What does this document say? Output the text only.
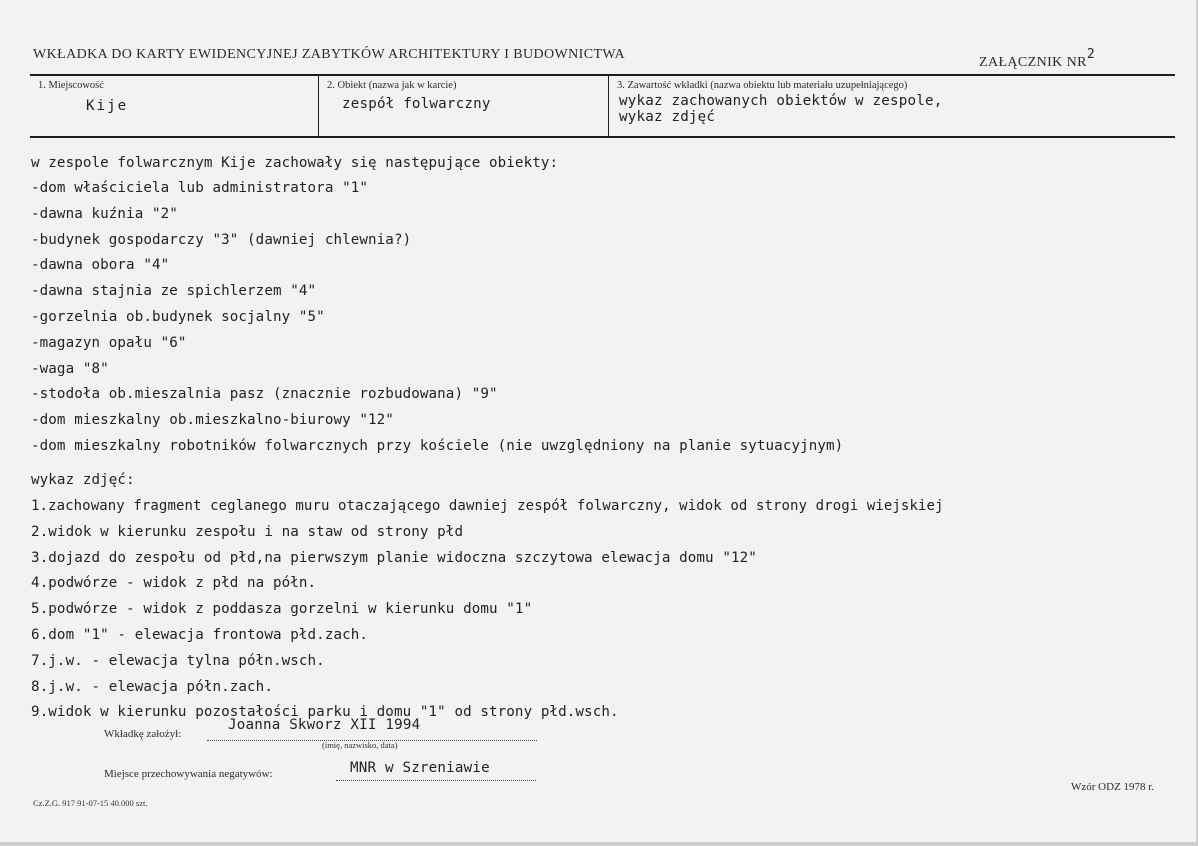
WKŁADKA DO KARTY EWIDENCYJNEJ ZABYTKÓW ARCHITEKTURY I BUDOWNICTWA
ZAŁĄCZNIK $NR^2$
1. Miejscowość
Kije
2. Obiekt (nazwa jak w karcie)
zespół folwarczny
3. Zawartość wkładki (nazwa obiektu lub materiału uzupełniającego)
wykaz zachowanych obiektów w zespole,
wykaz zdjęć
w zespole folwarcznym Kije zachowały się następujące obiekty:
-dom właściciela lub administratora "1"
-dawna kuźnia "2"
-budynek gospodarczy "3" (dawniej chlewnia?)
-dawna obora "4"
-dawna stajnia ze spichlerzem "4"
-gorzelnia ob.budynek socjalny "5"
-magazyn opału "6"
-waga "8"
-stodoła ob.mieszalnia pasz (znacznie rozbudowana) "9"
-dom mieszkalny ob.mieszkalno-biurowy "12"
-dom mieszkalny robotników folwarcznych przy kościele (nie uwzględniony na planie sytuacyjnym)
wykaz zdjęć:
1.zachowany fragment ceglanego muru otaczającego dawniej zespół folwarczny, widok od strony drogi wiejskiej
2.widok w kierunku zespołu i na staw od strony płd
3.dojazd do zespołu od płd,na pierwszym planie widoczna szczytowa elewacja domu "12"
4.podwórze - widok z płd na półn.
5.podwórze - widok z poddasza gorzelni w kierunku domu "1"
6.dom "1" - elewacja frontowa płd.zach.
7.j.w. - elewacja tylna półn.wsch.
8.j.w. - elewacja półn.zach.
9.widok w kierunku pozostałości parku i domu "1" od strony płd.wsch.
Wkładkę założył:
Joanna Skworz XII 1994
(imię, nazwisko, data)
Miejsce przechowywania negatywów:	MNR w Szreniawie
Wzór ODZ 1978 r.
Cz.Z.G. 917 91-07-15 40.000 szt.
